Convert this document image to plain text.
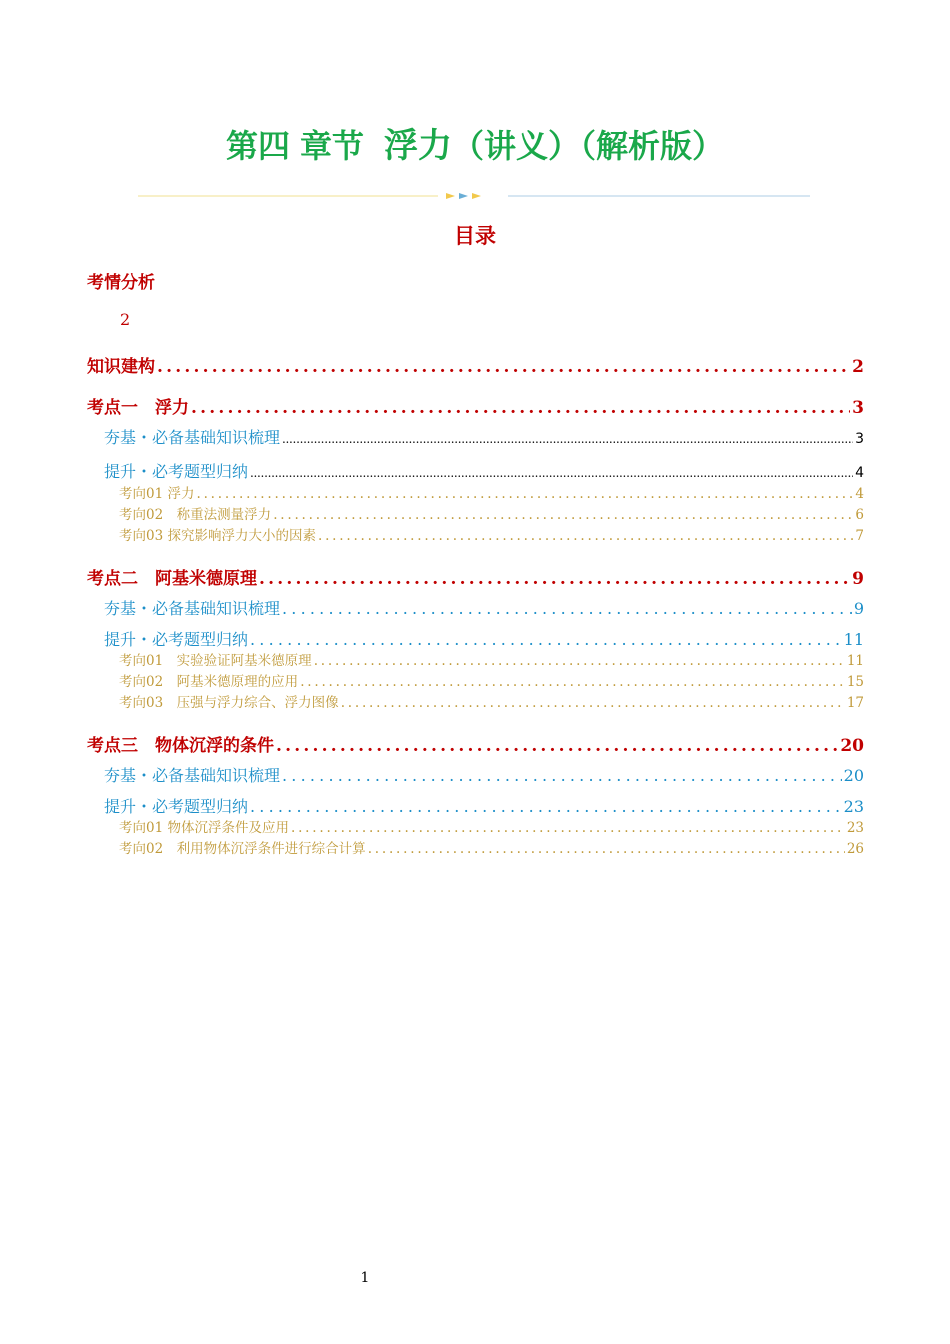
第四 章节 浮力（讲义）（解析版）
目录
考情分析
2
知识建构 .....	2
考点一　浮力 .....	3
夯基・必备基础知识梳理 .....	3
提升・必考题型归纳 .....	4
考向01 浮力 .....	4
考向02　称重法测量浮力 .....	6
考向03 探究影响浮力大小的因素 .....	7
考点二　阿基米德原理 .....	9
夯基・必备基础知识梳理 .....	9
提升・必考题型归纳 .....	11
考向01　实验验证阿基米德原理 .....	11
考向02　阿基米德原理的应用 .....	15
考向03　压强与浮力综合、浮力图像 .....	17
考点三　物体沉浮的条件 .....	20
夯基・必备基础知识梳理 .....	20
提升・必考题型归纳 .....	23
考向01 物体沉浮条件及应用 .....	23
考向02　利用物体沉浮条件进行综合计算 .....	26
1
